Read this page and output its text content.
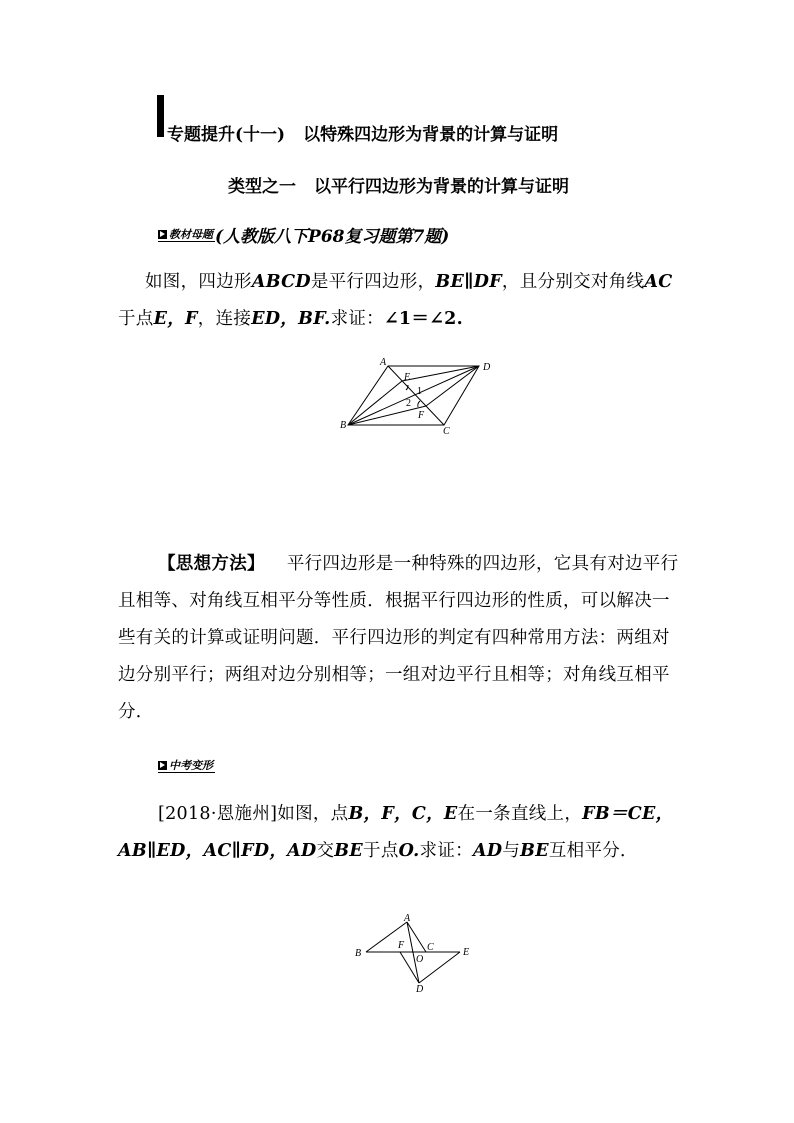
专题提升(十一) 以特殊四边形为背景的计算与证明
类型之一 以平行四边形为背景的计算与证明
教材母题 (人教版八下P68复习题第7题)
如图，四边形ABCD是平行四边形，BE∥DF，且分别交对角线AC于点E，F，连接ED，BF.求证：∠1＝∠2.
A	D
B
C
E
F
1
2
【思想方法】 平行四边形是一种特殊的四边形，它具有对边平行且相等、对角线互相平分等性质．根据平行四边形的性质，可以解决一些有关的计算或证明问题．平行四边形的判定有四种常用方法：两组对边分别平行；两组对边分别相等；一组对边平行且相等；对角线互相平分．
中考变形
[2018·恩施州]如图，点B，F，C，E在一条直线上，FB＝CE，AB∥ED，AC∥FD，AD交BE于点O.求证：AD与BE互相平分．
A
B	E
F C
O
D
